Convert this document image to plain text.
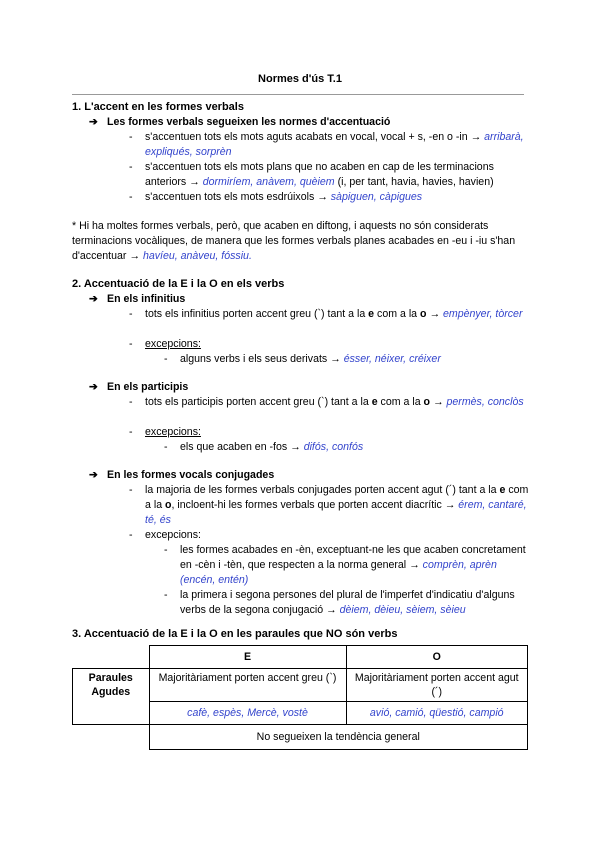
Normes d'ús T.1
1. L'accent en les formes verbals
➔ Les formes verbals segueixen les normes d'accentuació
- s'accentuen tots els mots aguts acabats en vocal, vocal + s, -en o -in → arribarà, expliqués, sorprèn
- s'accentuen tots els mots plans que no acaben en cap de les terminacions anteriors → dormiríem, anàvem, quèiem (i, per tant, havia, havies, havien)
- s'accentuen tots els mots esdrúixols → sàpiguen, càpigues
* Hi ha moltes formes verbals, però, que acaben en diftong, i aquests no són considerats terminacions vocàliques, de manera que les formes verbals planes acabades en -eu i -iu s'han d'accentuar → havíeu, anàveu, fóssiu.
2. Accentuació de la E i la O en els verbs
➔ En els infinitius
- tots els infinitius porten accent greu (`) tant a la e com a la o → empènyer, tòrcer
- excepcions:
- alguns verbs i els seus derivats → ésser, néixer, créixer
➔ En els participis
- tots els participis porten accent greu (`) tant a la e com a la o → permès, conclòs
- excepcions:
- els que acaben en -fos → difós, confós
➔ En les formes vocals conjugades
- la majoria de les formes verbals conjugades porten accent agut (´) tant a la e com a la o, incloent-hi les formes verbals que porten accent diacrític → érem, cantaré, té, és
- excepcions:
- les formes acabades en -èn, exceptuant-ne les que acaben concretament en -cèn i -tèn, que respecten a la norma general → comprèn, aprèn (encén, entén)
- la primera i segona persones del plural de l'imperfet d'indicatiu d'alguns verbs de la segona conjugació → dèiem, dèieu, sèiem, sèieu
3. Accentuació de la E i la O en les paraules que NO són verbs
	E	O
Paraules Agudes	Majoritàriament porten accent greu (`)	Majoritàriament porten accent agut (´)
	cafè, espès, Mercè, vostè	avió, camió, qüestió, campió
	No segueixen la tendència general	
